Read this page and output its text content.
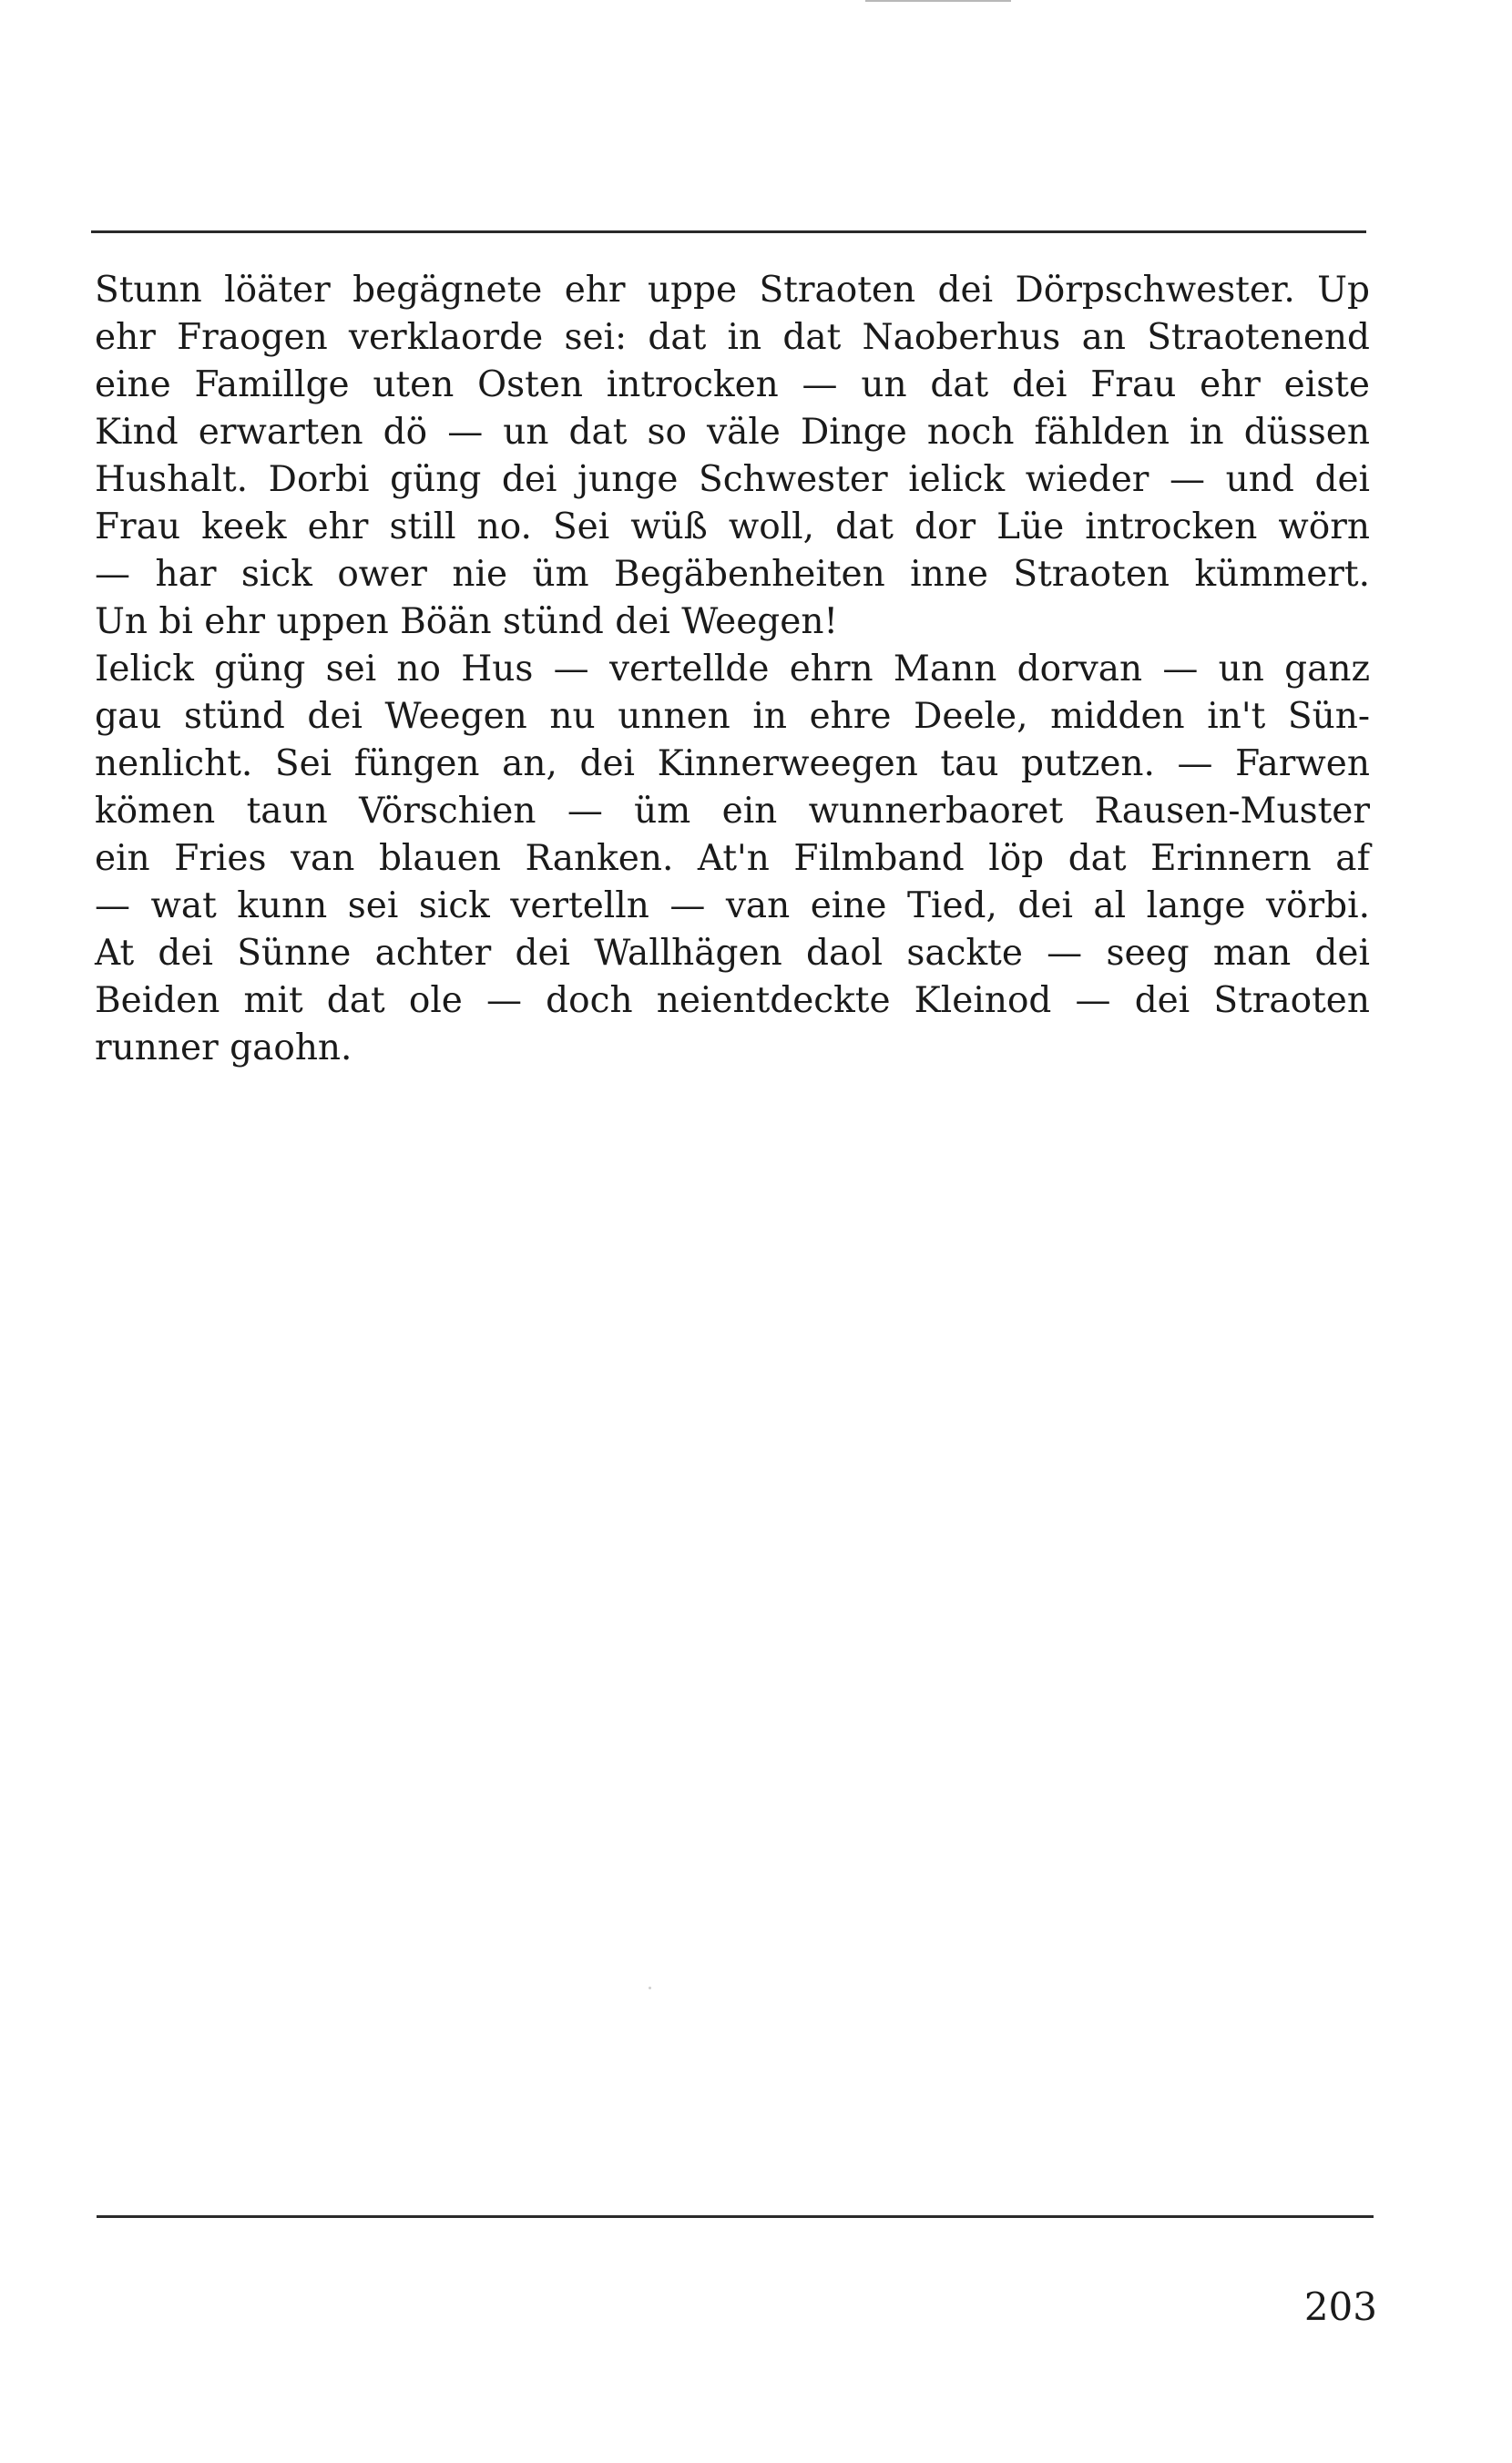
Stunn löäter begägnete ehr uppe Straoten dei Dörpschwester. Up
ehr Fraogen verklaorde sei: dat in dat Naoberhus an Straotenend
eine Famillge uten Osten introcken — un dat dei Frau ehr eiste
Kind erwarten dö — un dat so väle Dinge noch fählden in düssen
Hushalt. Dorbi güng dei junge Schwester ielick wieder — und dei
Frau keek ehr still no. Sei wüß woll, dat dor Lüe introcken wörn
— har sick ower nie üm Begäbenheiten inne Straoten kümmert.
Un bi ehr uppen Böän stünd dei Weegen!
Ielick güng sei no Hus — vertellde ehrn Mann dorvan — un ganz
gau stünd dei Weegen nu unnen in ehre Deele, midden in't Sün-
nenlicht. Sei füngen an, dei Kinnerweegen tau putzen. — Farwen
kömen taun Vörschien — üm ein wunnerbaoret Rausen-Muster
ein Fries van blauen Ranken. At'n Filmband löp dat Erinnern af
— wat kunn sei sick vertelln — van eine Tied, dei al lange vörbi.
At dei Sünne achter dei Wallhägen daol sackte — seeg man dei
Beiden mit dat ole — doch neientdeckte Kleinod — dei Straoten
runner gaohn.
203
